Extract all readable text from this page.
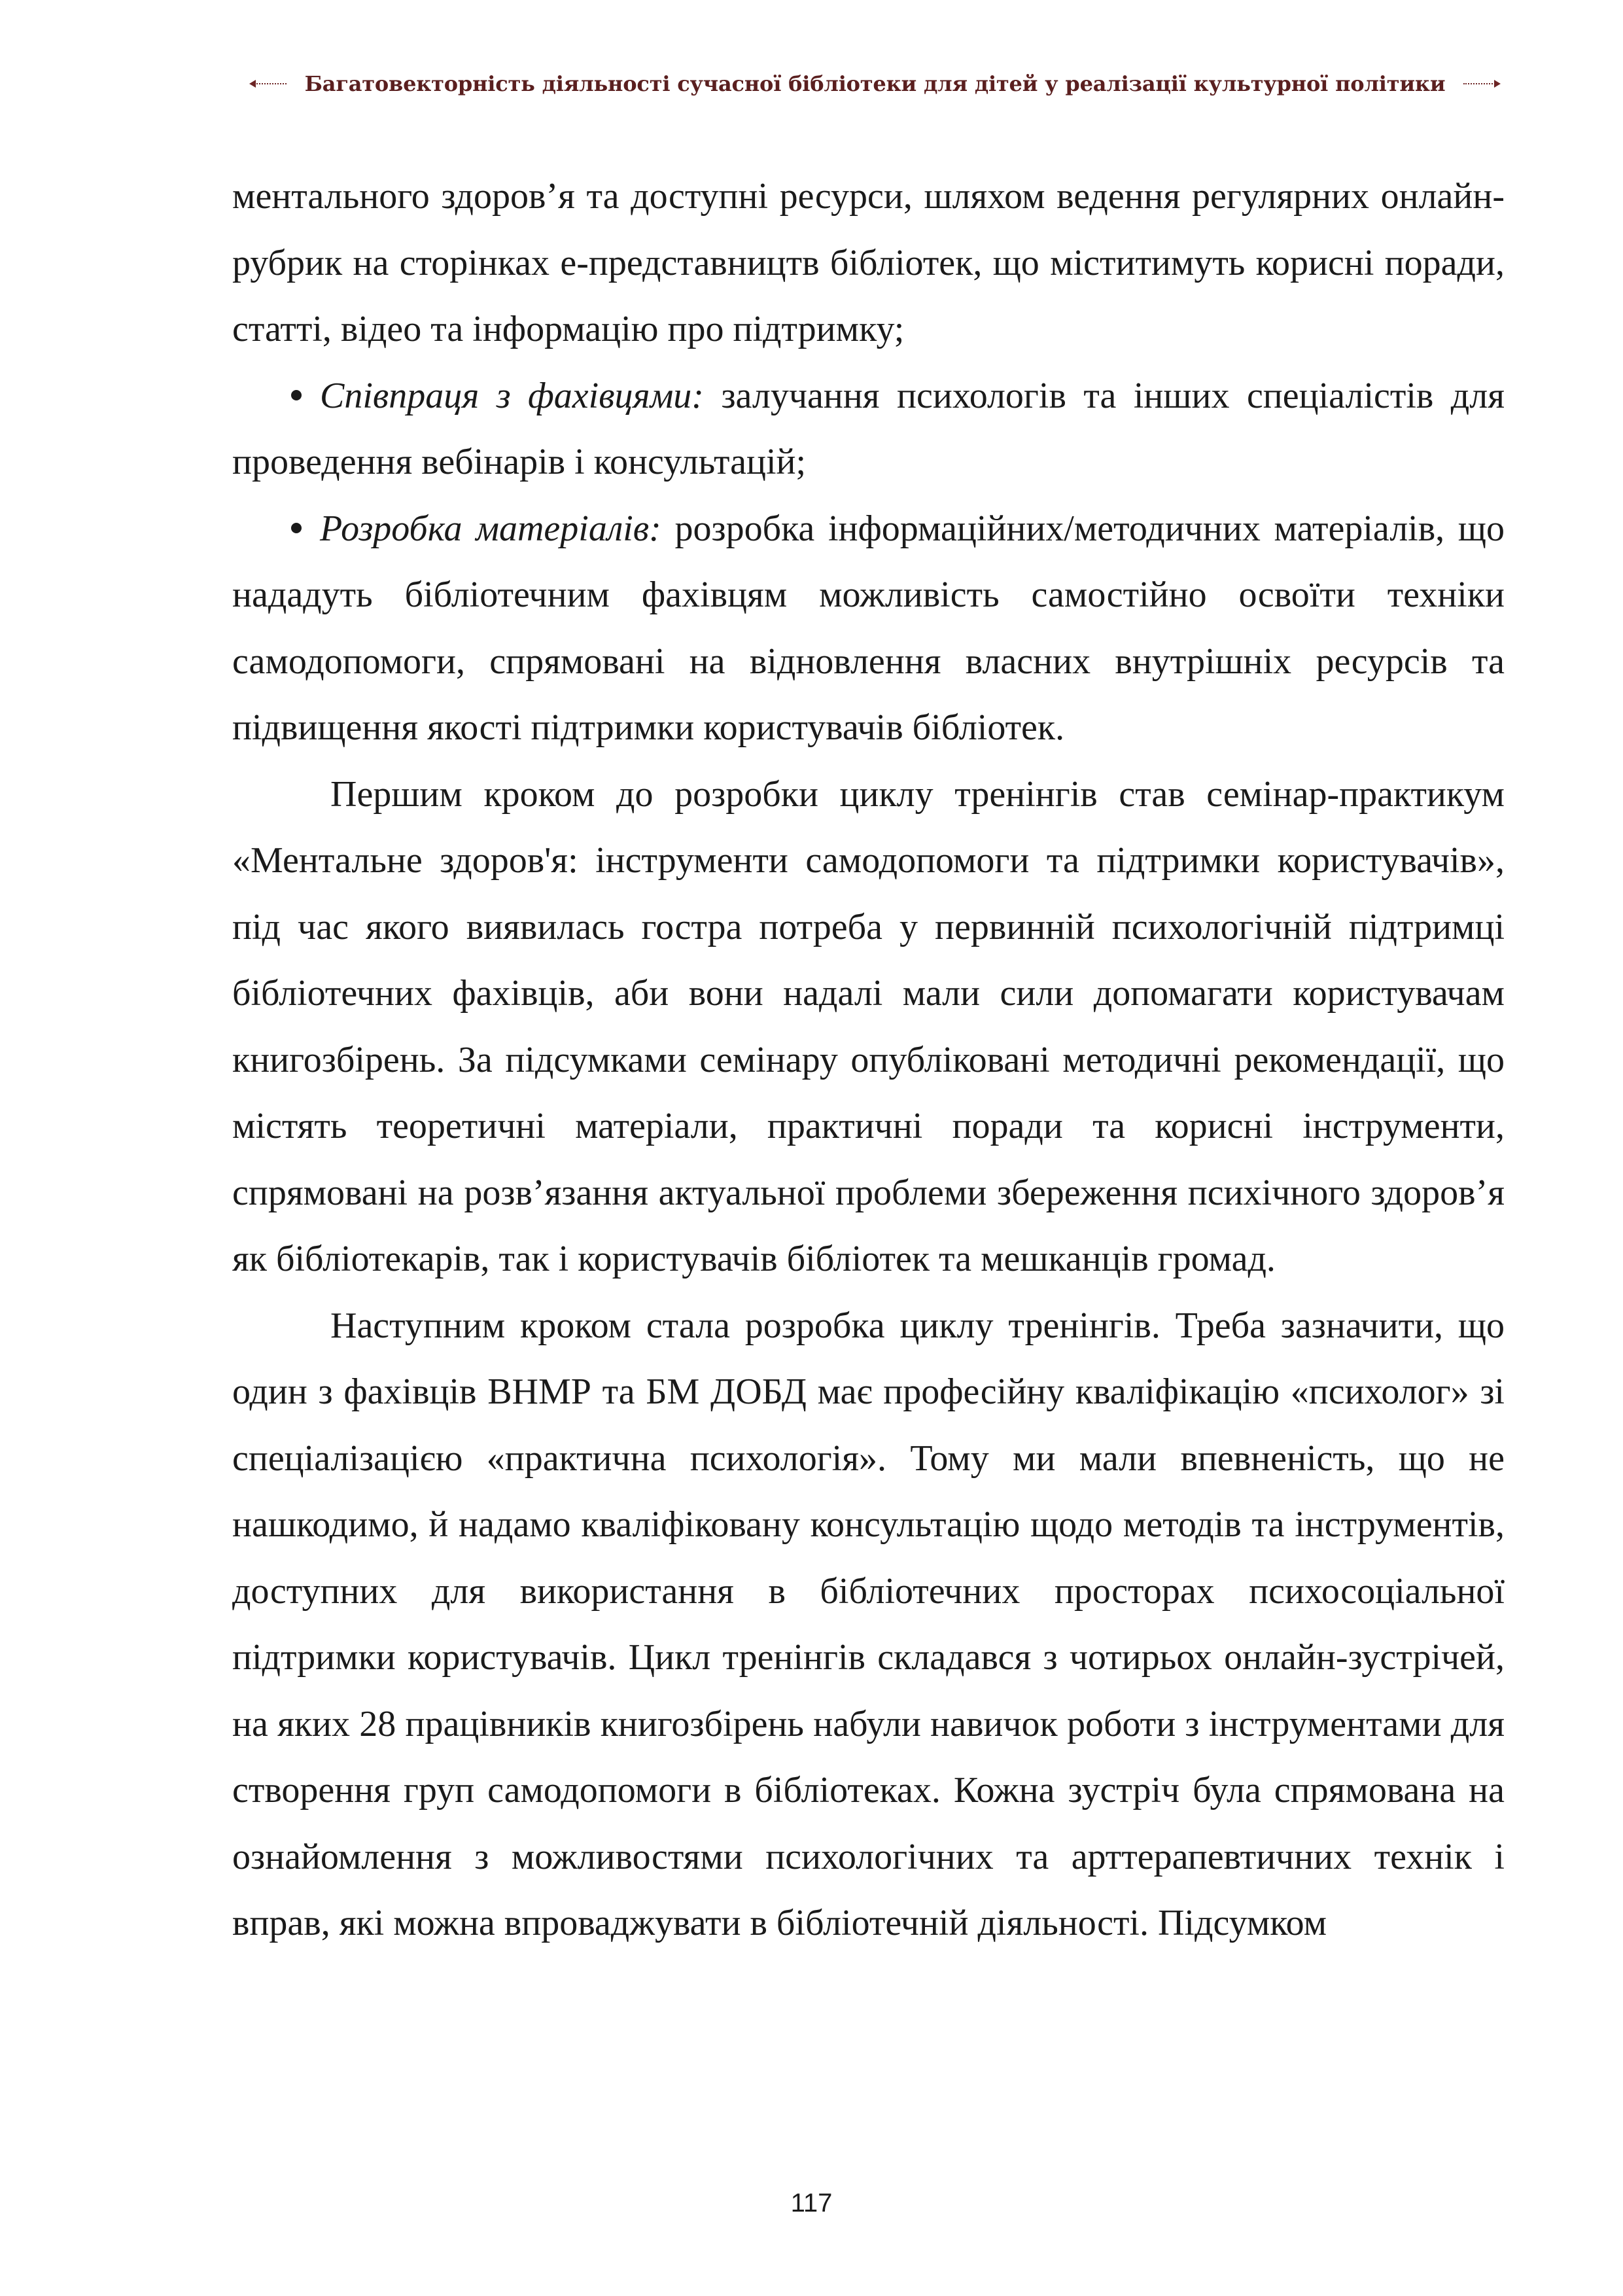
Багатовекторність діяльності сучасної бібліотеки для дітей у реалізації культурної політики

ментального здоров’я та доступні ресурси, шляхом ведення регулярних онлайн-рубрик на сторінках е-представництв бібліотек, що міститимуть корисні поради, статті, відео та інформацію про підтримку;

Співпраця з фахівцями: залучання психологів та інших спеціалістів для проведення вебінарів і консультацій;

Розробка матеріалів: розробка інформаційних/методичних матеріалів, що нададуть бібліотечним фахівцям можливість самостійно освоїти техніки самодопомоги, спрямовані на відновлення власних внутрішніх ресурсів та підвищення якості підтримки користувачів бібліотек.

Першим кроком до розробки циклу тренінгів став семінар-практикум «Ментальне здоров'я: інструменти самодопомоги та підтримки користувачів», під час якого виявилась гостра потреба у первинній психологічній підтримці бібліотечних фахівців, аби вони надалі мали сили допомагати користувачам книгозбірень. За підсумками семінару опубліковані методичні рекомендації, що містять теоретичні матеріали, практичні поради та корисні інструменти, спрямовані на розв’язання актуальної проблеми збереження психічного здоров’я як бібліотекарів, так і користувачів бібліотек та мешканців громад.

Наступним кроком стала розробка циклу тренінгів. Треба зазначити, що один з фахівців ВНМР та БМ ДОБД має професійну кваліфікацію «психолог» зі спеціалізацією «практична психологія». Тому ми мали впевненість, що не нашкодимо, й надамо кваліфіковану консультацію щодо методів та інструментів, доступних для використання в бібліотечних просторах психосоціальної підтримки користувачів. Цикл тренінгів складався з чотирьох онлайн-зустрічей, на яких 28 працівників книгозбірень набули навичок роботи з інструментами для створення груп самодопомоги в бібліотеках. Кожна зустріч була спрямована на ознайомлення з можливостями психологічних та арттерапевтичних технік і вправ, які можна впроваджувати в бібліотечній діяльності. Підсумком

117
